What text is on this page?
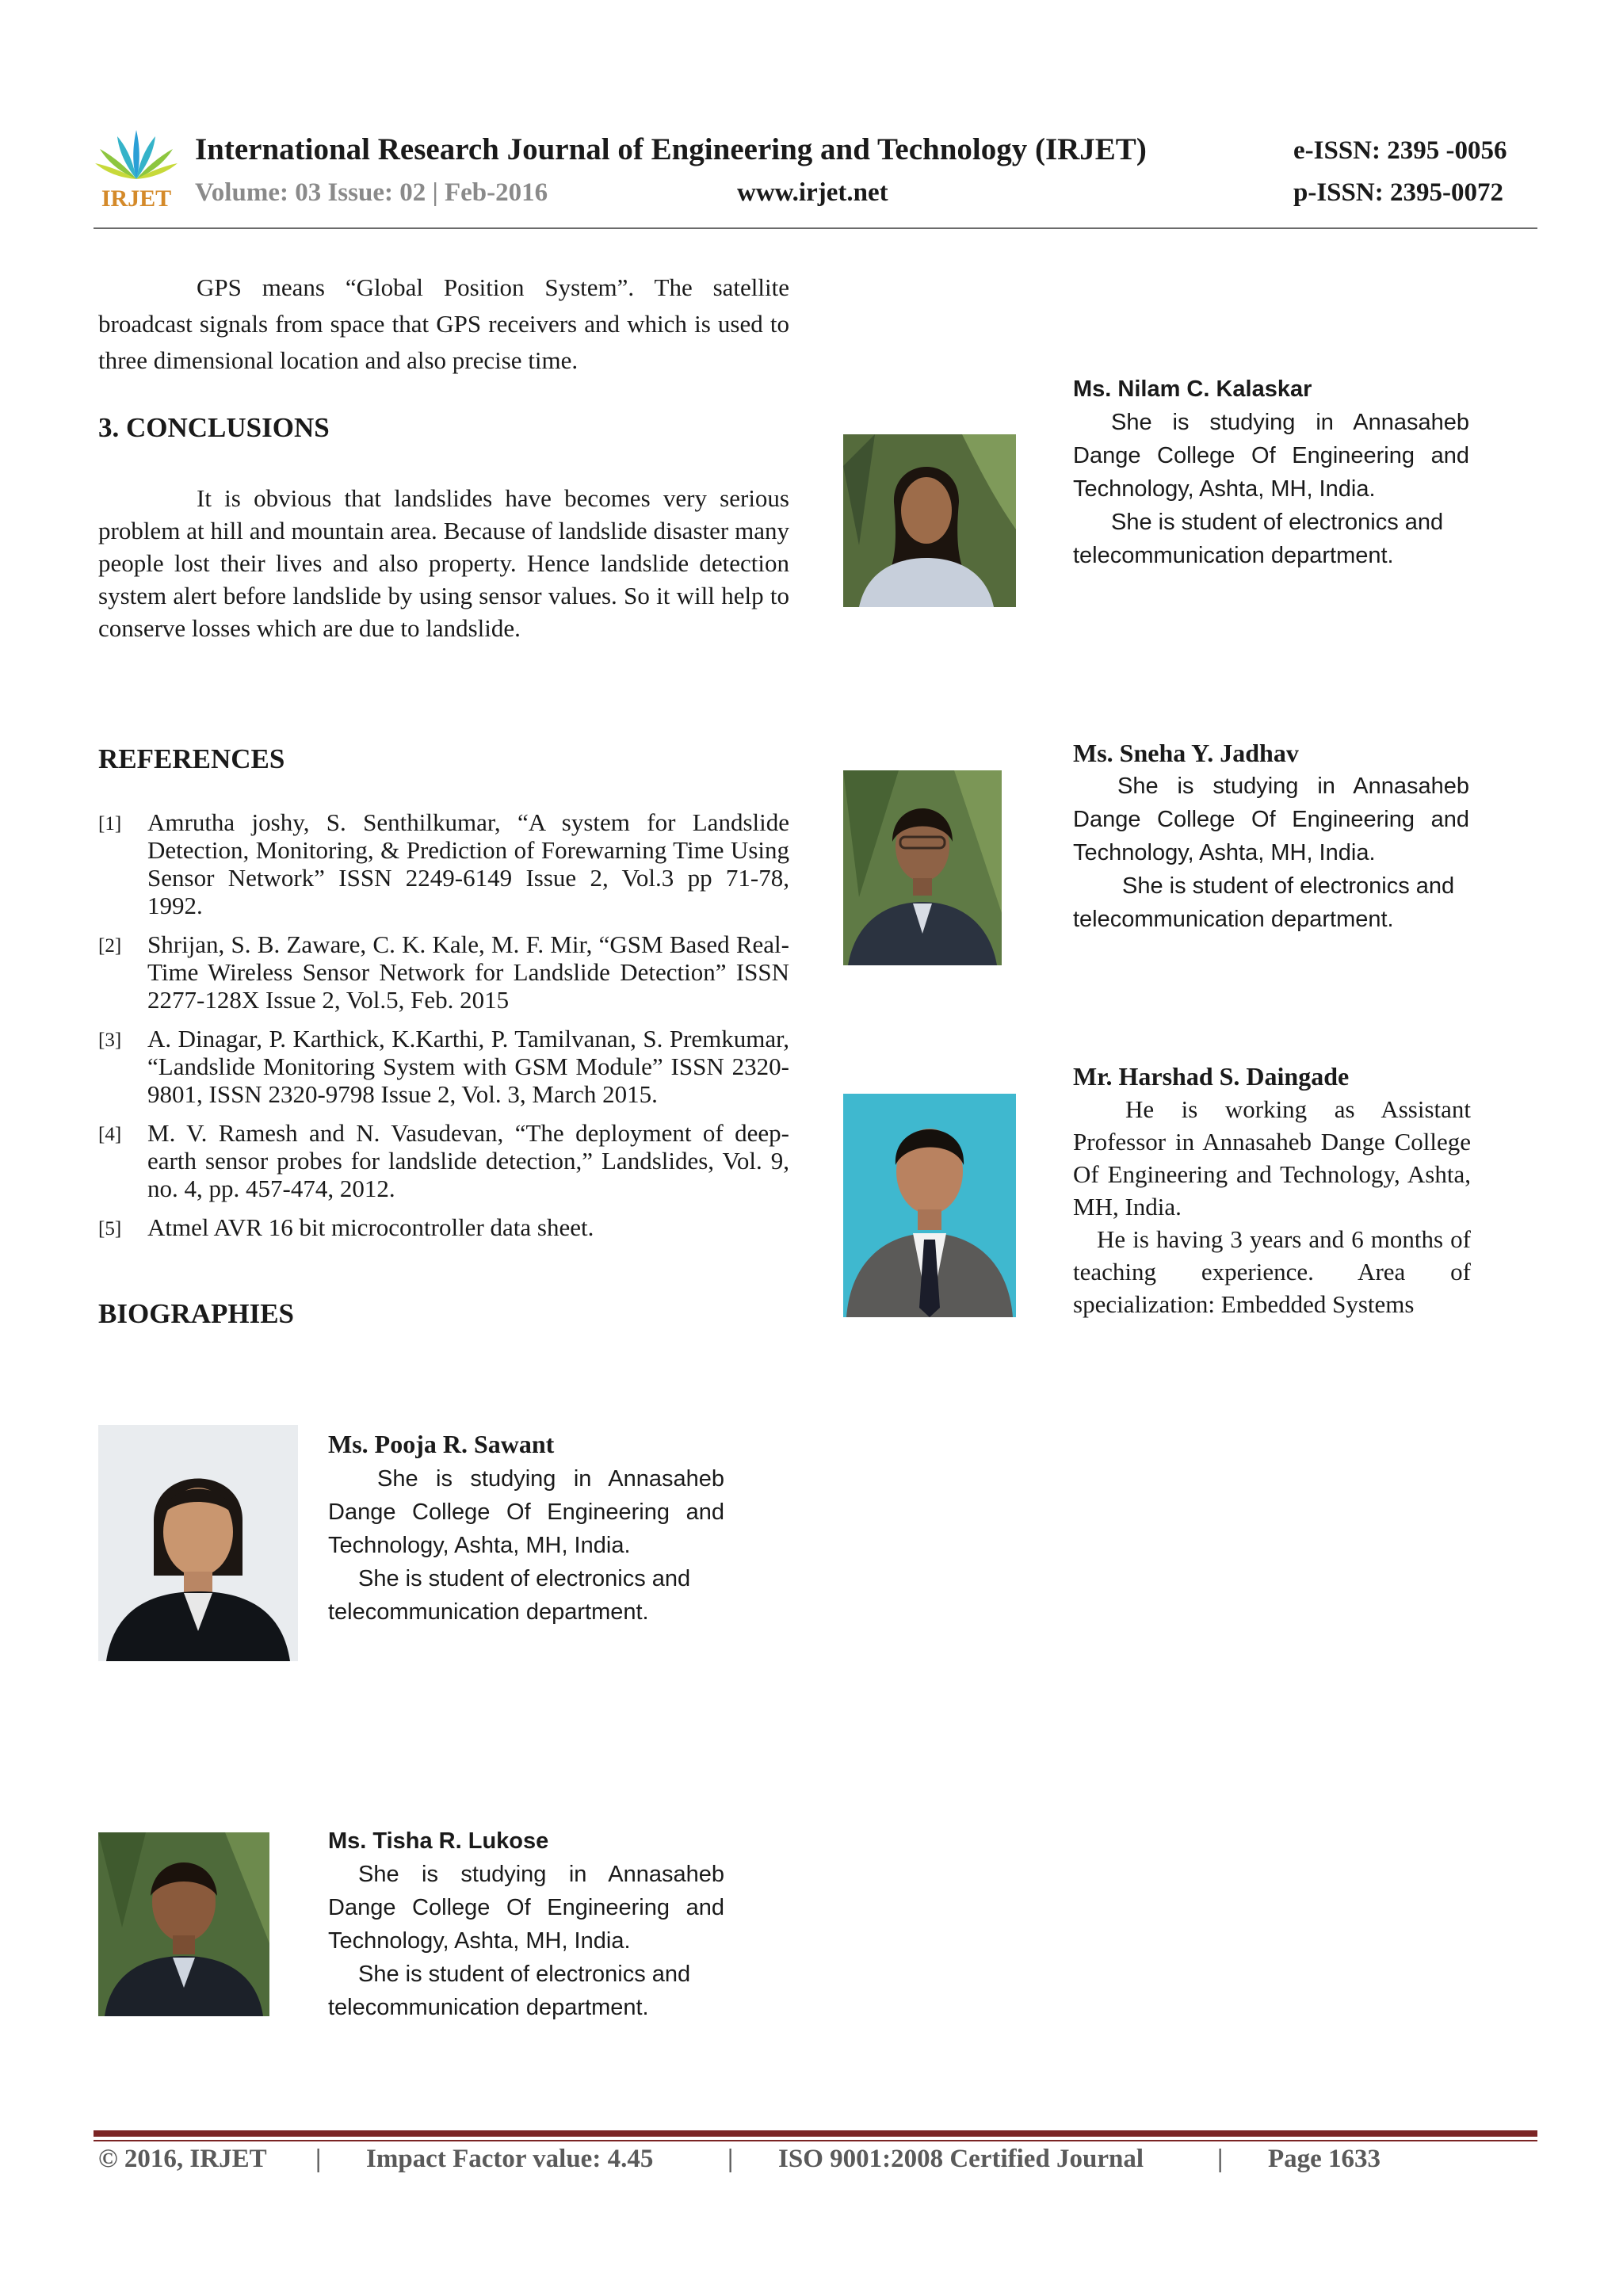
IRJET
International Research Journal of Engineering and Technology (IRJET)	e-ISSN: 2395 -0056
Volume: 03 Issue: 02 | Feb-2016	www.irjet.net	p-ISSN: 2395-0072

GPS means “Global Position System”. The satellite broadcast signals from space that GPS receivers and which is used to three dimensional location and also precise time.

3. CONCLUSIONS

It is obvious that landslides have becomes very serious problem at hill and mountain area. Because of landslide disaster many people lost their lives and also property. Hence landslide detection system alert before landslide by using sensor values. So it will help to conserve losses which are due to landslide.

REFERENCES
[1] Amrutha joshy, S. Senthilkumar, “A system for Landslide Detection, Monitoring, & Prediction of Forewarning Time Using Sensor Network” ISSN 2249-6149 Issue 2, Vol.3 pp 71-78, 1992.
[2] Shrijan, S. B. Zaware, C. K. Kale, M. F. Mir, “GSM Based Real-Time Wireless Sensor Network for Landslide Detection” ISSN 2277-128X Issue 2, Vol.5, Feb. 2015
[3] A. Dinagar, P. Karthick, K.Karthi, P. Tamilvanan, S. Premkumar, “Landslide Monitoring System with GSM Module” ISSN 2320-9801, ISSN 2320-9798 Issue 2, Vol. 3, March 2015.
[4] M. V. Ramesh and N. Vasudevan, “The deployment of deep-earth sensor probes for landslide detection,” Landslides, Vol. 9, no. 4, pp. 457-474, 2012.
[5] Atmel AVR 16 bit microcontroller data sheet.
BIOGRAPHIES

Ms. Pooja R. Sawant

She is studying in Annasaheb Dange College Of Engineering and Technology, Ashta, MH, India.

She is student of electronics and telecommunication department.

Ms. Tisha R. Lukose

She is studying in Annasaheb Dange College Of Engineering and Technology, Ashta, MH, India.

She is student of electronics and telecommunication department.

Ms. Nilam C. Kalaskar

She is studying in Annasaheb Dange College Of Engineering and Technology, Ashta, MH, India.

She is student of electronics and telecommunication department.

Ms. Sneha Y. Jadhav

She is studying in Annasaheb Dange College Of Engineering and Technology, Ashta, MH, India.

She is student of electronics and telecommunication department.

Mr. Harshad S. Daingade

He is working as Assistant Professor in Annasaheb Dange College Of Engineering and Technology, Ashta, MH, India.

He is having 3 years and 6 months of teaching experience. Area of specialization: Embedded Systems

© 2016, IRJET | Impact Factor value: 4.45	| ISO 9001:2008 Certified Journal	| Page 1633
